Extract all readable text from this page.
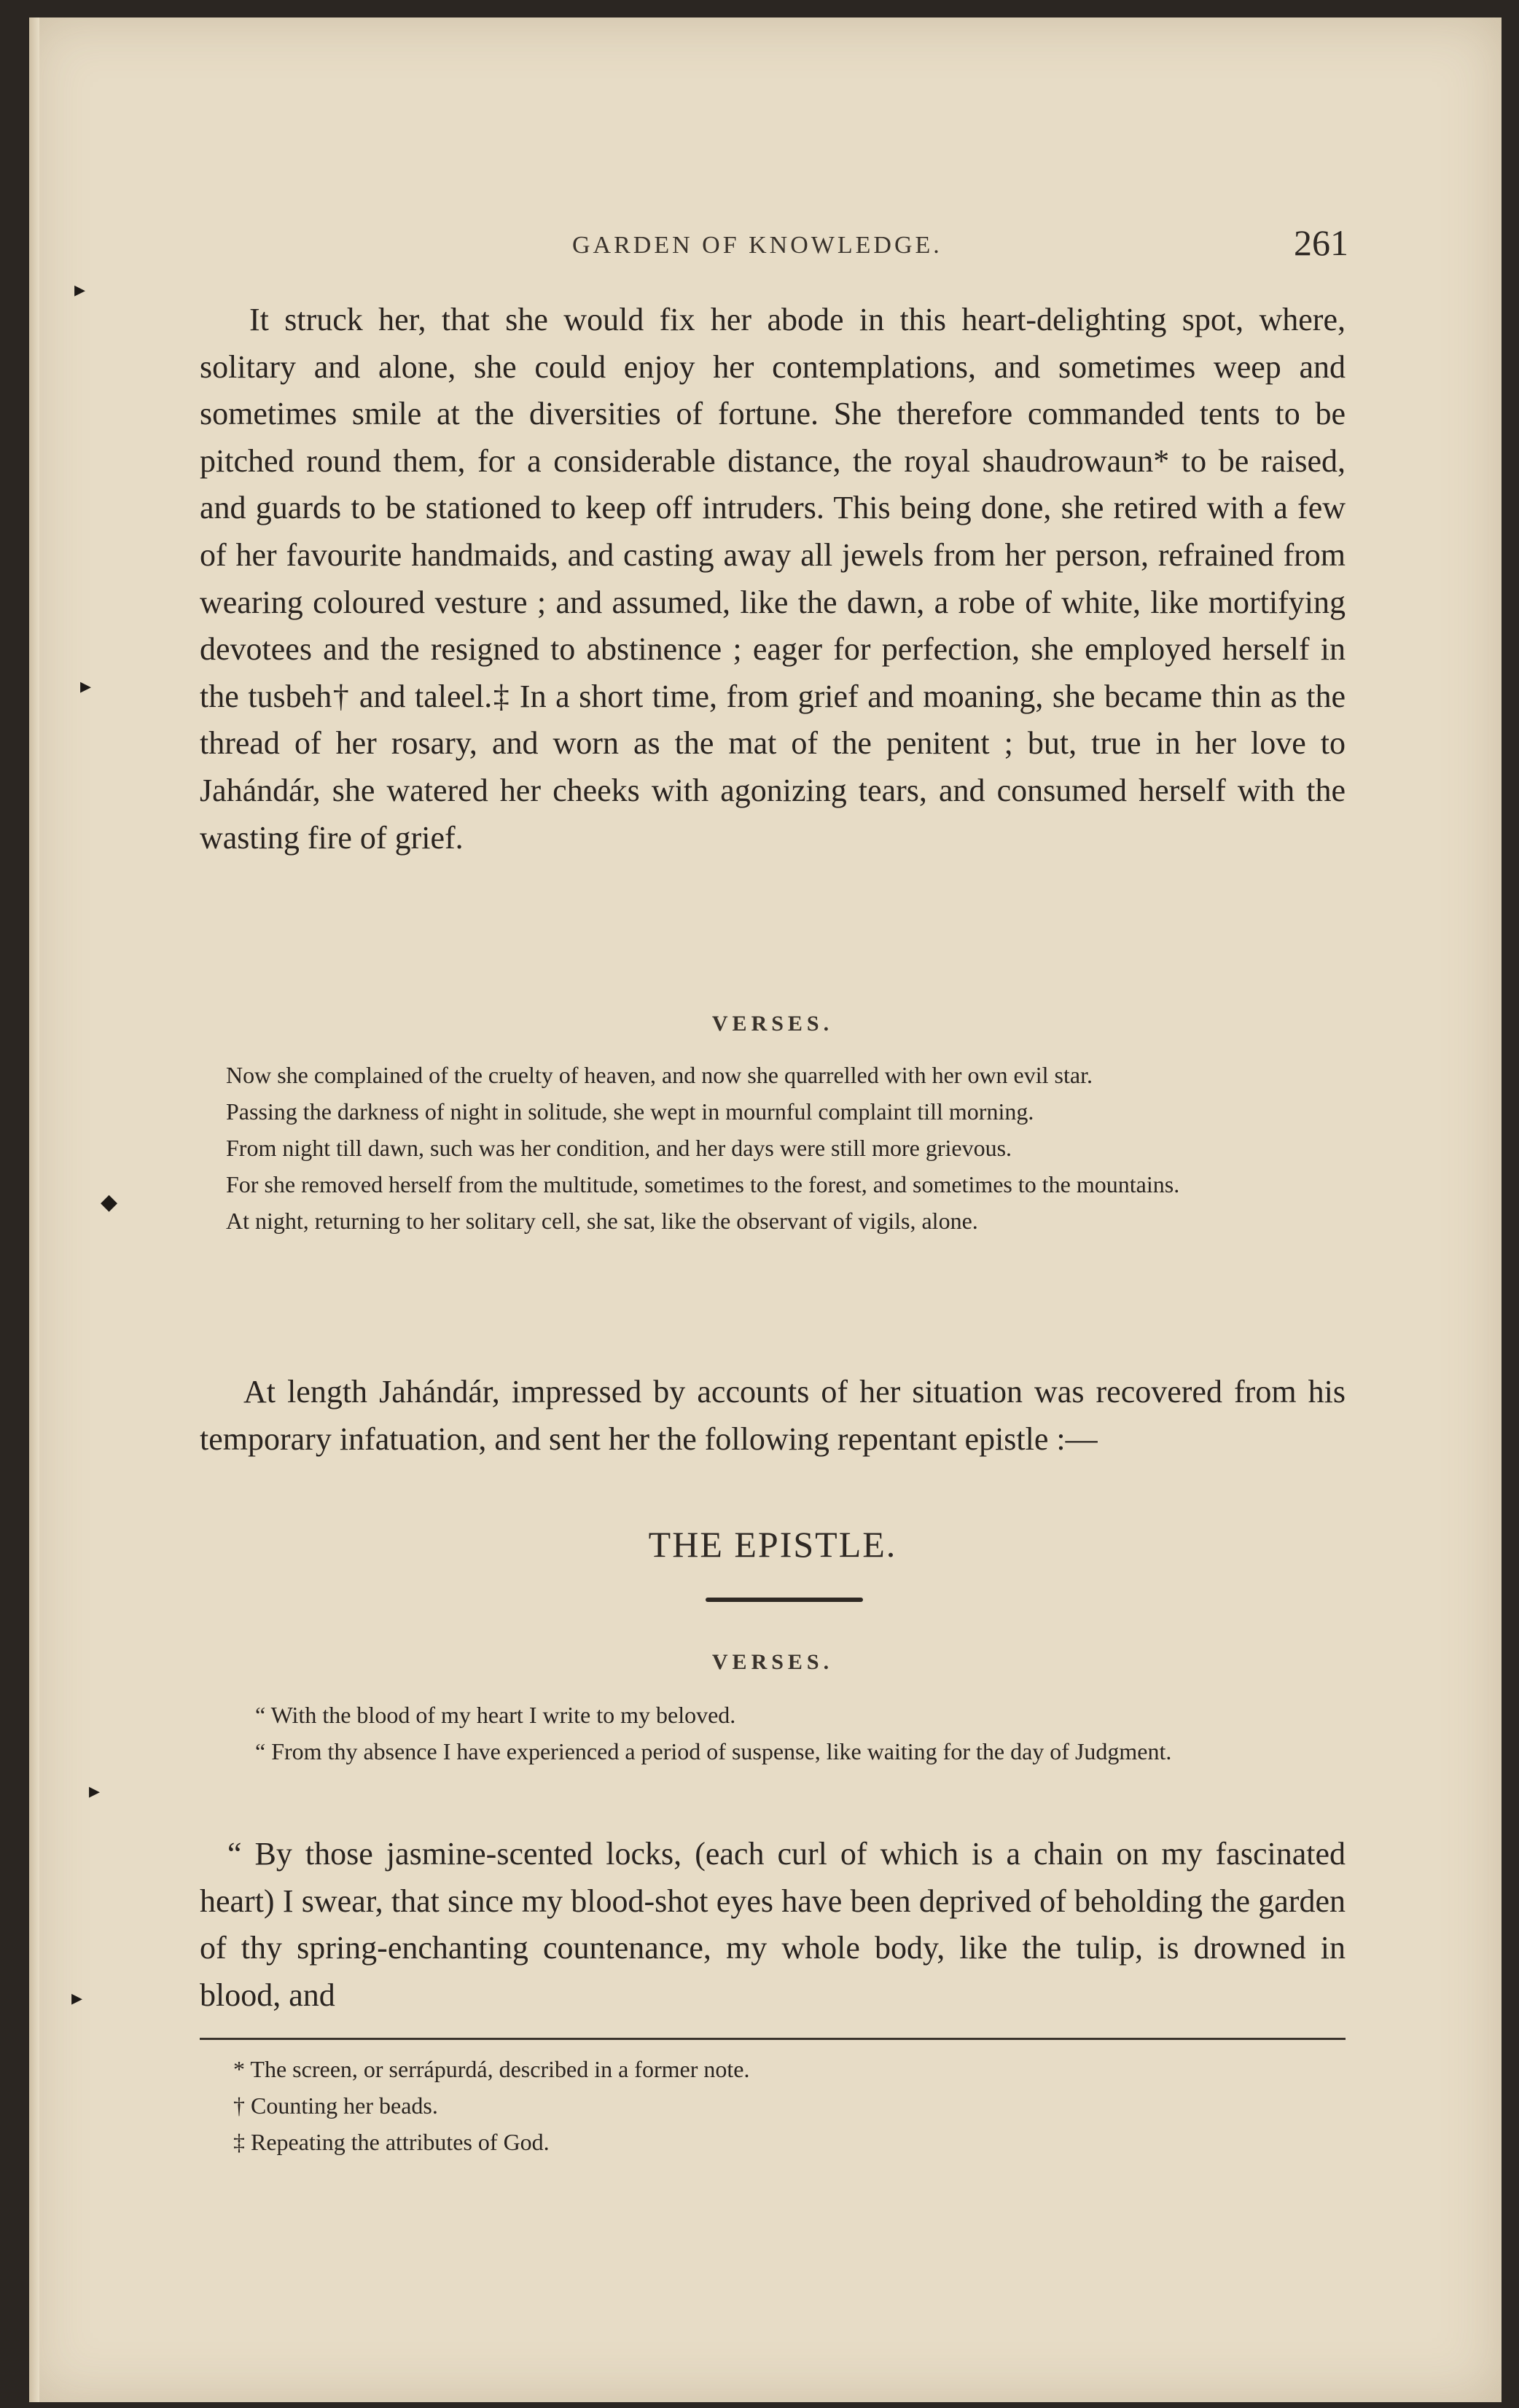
GARDEN OF KNOWLEDGE.	261

It struck her, that she would fix her abode in this heart-delighting spot, where, solitary and alone, she could enjoy her contemplations, and sometimes weep and sometimes smile at the diversities of fortune. She therefore commanded tents to be pitched round them, for a considerable distance, the royal shaudrowaun* to be raised, and guards to be stationed to keep off intruders. This being done, she retired with a few of her favourite handmaids, and casting away all jewels from her person, refrained from wearing coloured vesture ; and assumed, like the dawn, a robe of white, like mortifying devotees and the resigned to abstinence ; eager for perfection, she employed herself in the tusbeh† and taleel.‡ In a short time, from grief and moaning, she became thin as the thread of her rosary, and worn as the mat of the penitent ; but, true in her love to Jahándár, she watered her cheeks with agonizing tears, and consumed herself with the wasting fire of grief.

VERSES.
Now she complained of the cruelty of heaven, and now she quarrelled with her own evil star.
Passing the darkness of night in solitude, she wept in mournful complaint till morning.
From night till dawn, such was her condition, and her days were still more grievous.
For she removed herself from the multitude, sometimes to the forest, and sometimes to the mountains.
At night, returning to her solitary cell, she sat, like the observant of vigils, alone.

At length Jahándár, impressed by accounts of her situation was recovered from his temporary infatuation, and sent her the following repentant epistle :—

THE EPISTLE.
VERSES.
“ With the blood of my heart I write to my beloved.
“ From thy absence I have experienced a period of suspense, like waiting for the day of Judgment.

“ By those jasmine-scented locks, (each curl of which is a chain on my fascinated heart) I swear, that since my blood-shot eyes have been deprived of beholding the garden of thy spring-enchanting countenance, my whole body, like the tulip, is drowned in blood, and

* The screen, or serrápurdá, described in a former note.
† Counting her beads.
‡ Repeating the attributes of God.
▸
▸
◆
▸
▸
